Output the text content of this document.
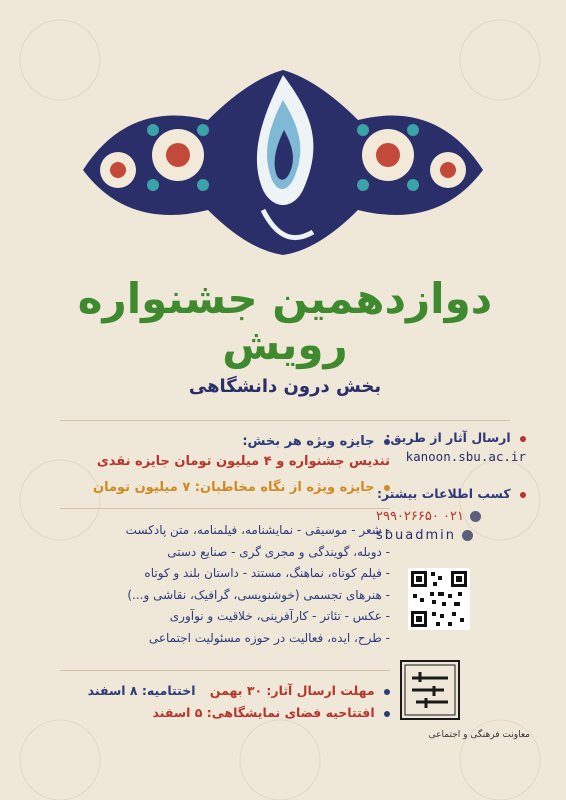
دوازدهمین جشنواره رویش
بخش درون دانشگاهی
جایزه ویژه هر بخش:
تندیس جشنواره و ۴ میلیون تومان جایزه نقدی
جایزه ویژه از نگاه مخاطبان: ۷ میلیون تومان
- شعر - موسیقی - نمایشنامه، فیلمنامه، متن پادکست
- دوبله، گویندگی و مجری گری - صنایع دستی
- فیلم کوتاه، نماهنگ، مستند - داستان بلند و کوتاه
- هنرهای تجسمی (خوشنویسی، گرافیک، نقاشی و...)
- عکس - تئاتر - کارآفرینی، خلاقیت و نوآوری
- طرح، ایده، فعالیت در حوزه مسئولیت اجتماعی
مهلت ارسال آثار: ۳۰ بهمن اختتامیه: ۸ اسفند
افتتاحیه فضای نمایشگاهی: ۵ اسفند
ارسال آثار از طریق:
kanoon.sbu.ac.ir
کسب اطلاعات بیشتر:
۰۲۱ ۲۹۹۰۲۶۶۵۰
sbuadmin
معاونت فرهنگی و اجتماعی
